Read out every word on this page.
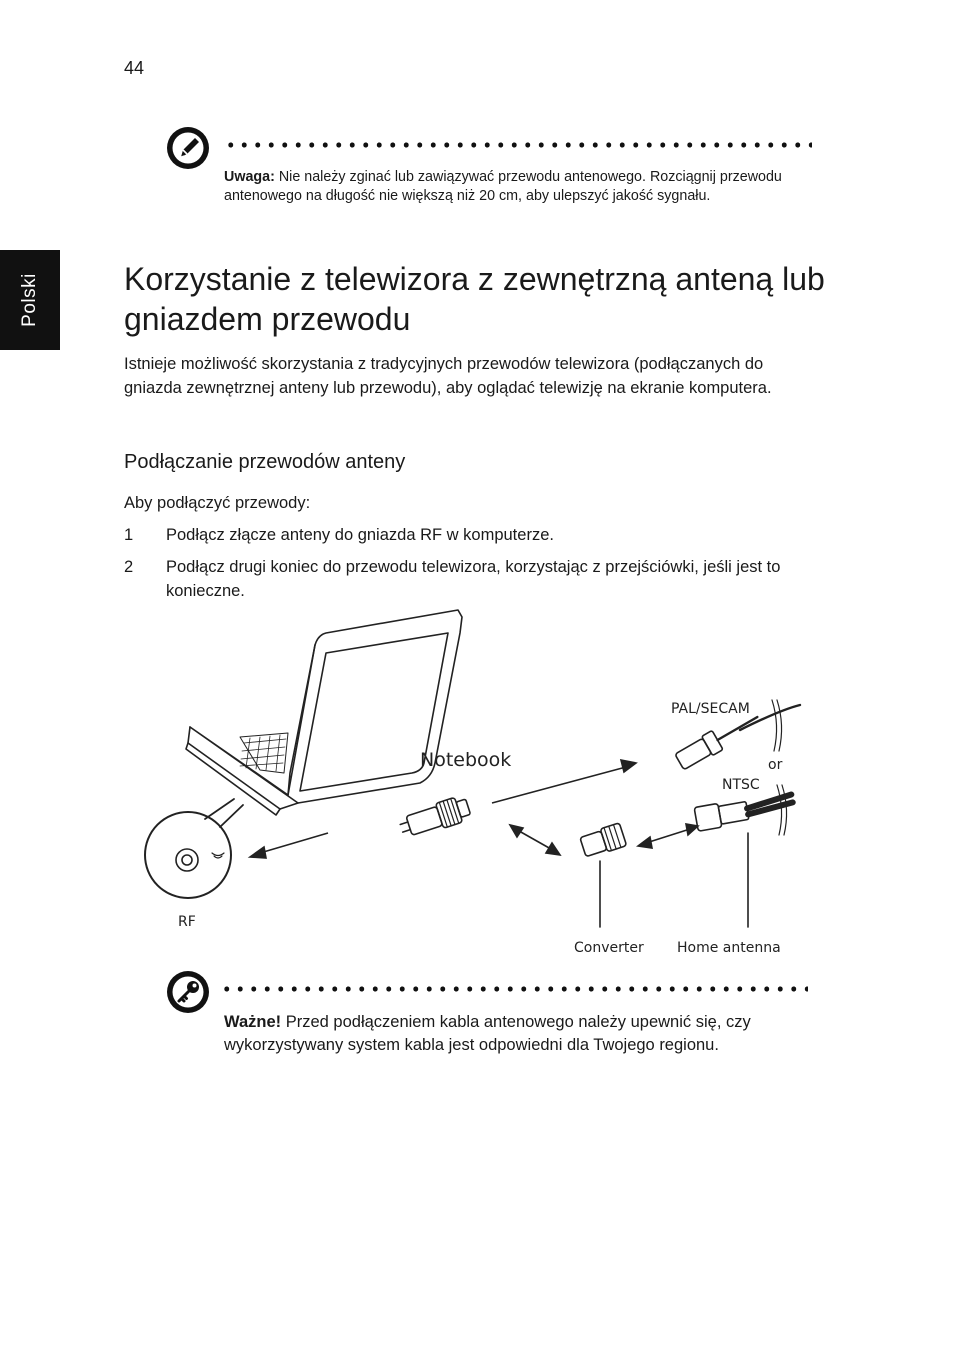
44
Polski
Uwaga: Nie należy zginać lub zawiązywać przewodu antenowego. Rozciągnij przewodu antenowego na długość nie większą niż 20 cm, aby ulepszyć jakość sygnału.
Korzystanie z telewizora z zewnętrzną anteną lub gniazdem przewodu

Istnieje możliwość skorzystania z tradycyjnych przewodów telewizora (podłączanych do gniazda zewnętrznej anteny lub przewodu), aby oglądać telewizję na ekranie komputera.

Podłączanie przewodów anteny

Aby podłączyć przewody:

1 Podłącz złącze anteny do gniazda RF w komputerze.
2 Podłącz drugi koniec do przewodu telewizora, korzystając z przejściówki, jeśli jest to konieczne.
Notebook
PAL/SECAM
or
NTSC
RF
Converter Home antenna
Ważne! Przed podłączeniem kabla antenowego należy upewnić się, czy wykorzystywany system kabla jest odpowiedni dla Twojego regionu.
